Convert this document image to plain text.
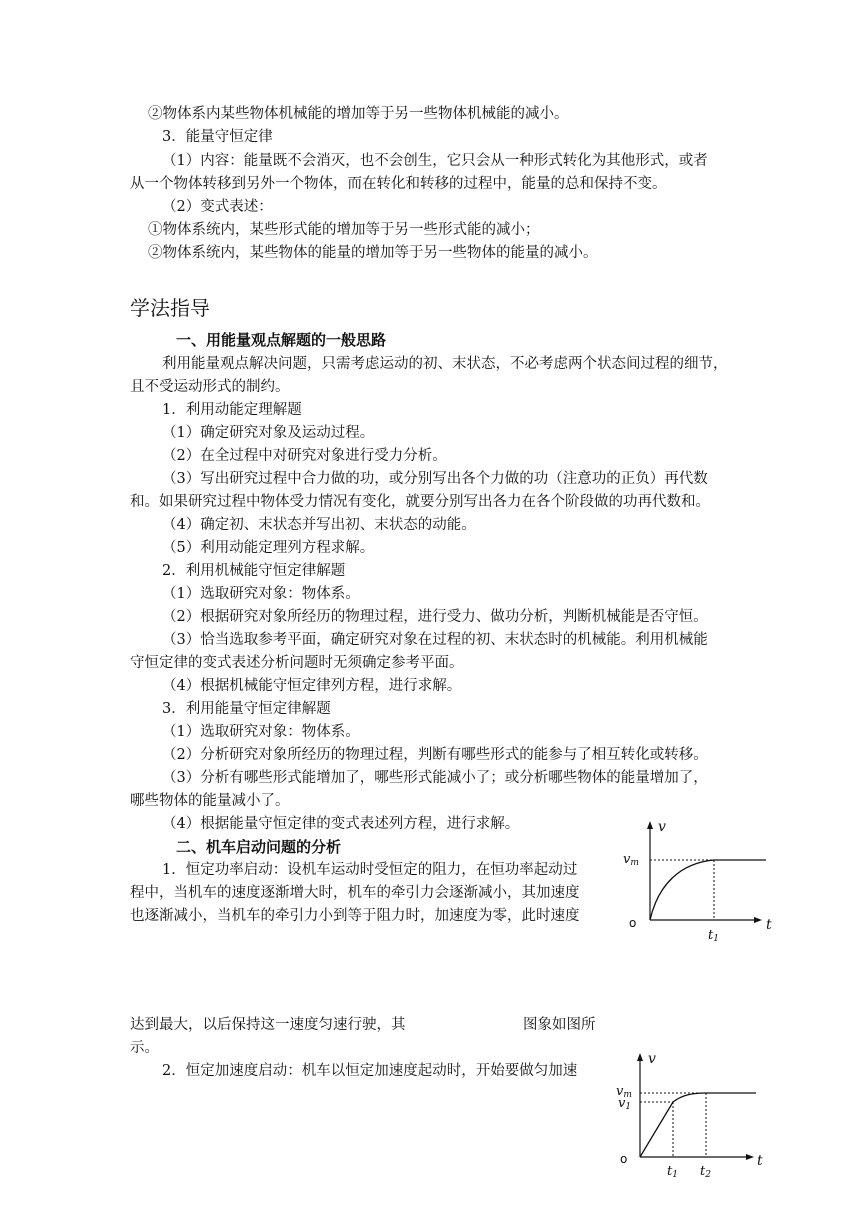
②物体系内某些物体机械能的增加等于另一些物体机械能的减小。

3．能量守恒定律

（1）内容：能量既不会消灭，也不会创生，它只会从一种形式转化为其他形式，或者

从一个物体转移到另外一个物体，而在转化和转移的过程中，能量的总和保持不变。

（2）变式表述：

①物体系统内，某些形式能的增加等于另一些形式能的减小；

②物体系统内，某些物体的能量的增加等于另一些物体的能量的减小。

学法指导

一、用能量观点解题的一般思路

利用能量观点解决问题，只需考虑运动的初、末状态，不必考虑两个状态间过程的细节，

且不受运动形式的制约。

1．利用动能定理解题

（1）确定研究对象及运动过程。

（2）在全过程中对研究对象进行受力分析。

（3）写出研究过程中合力做的功，或分别写出各个力做的功（注意功的正负）再代数

和。如果研究过程中物体受力情况有变化，就要分别写出各力在各个阶段做的功再代数和。

（4）确定初、末状态并写出初、末状态的动能。

（5）利用动能定理列方程求解。

2．利用机械能守恒定律解题

（1）选取研究对象：物体系。

（2）根据研究对象所经历的物理过程，进行受力、做功分析，判断机械能是否守恒。

（3）恰当选取参考平面，确定研究对象在过程的初、末状态时的机械能。利用机械能

守恒定律的变式表述分析问题时无须确定参考平面。

（4）根据机械能守恒定律列方程，进行求解。

3．利用能量守恒定律解题

（1）选取研究对象：物体系。

（2）分析研究对象所经历的物理过程，判断有哪些形式的能参与了相互转化或转移。

（3）分析有哪些形式能增加了，哪些形式能减小了；或分析哪些物体的能量增加了，

哪些物体的能量减小了。

（4）根据能量守恒定律的变式表述列方程，进行求解。

二、机车启动问题的分析

1．恒定功率启动：设机车运动时受恒定的阻力，在恒功率起动过

程中，当机车的速度逐渐增大时，机车的牵引力会逐渐减小，其加速度

也逐渐减小，当机车的牵引力小到等于阻力时，加速度为零，此时速度

达到最大，以后保持这一速度匀速行驶，其	图象如图所

示。

2．恒定加速度启动：机车以恒定加速度起动时，开始要做匀加速

v
t
o
vm
t1
v
t
o
vm
v1
t1 t2
